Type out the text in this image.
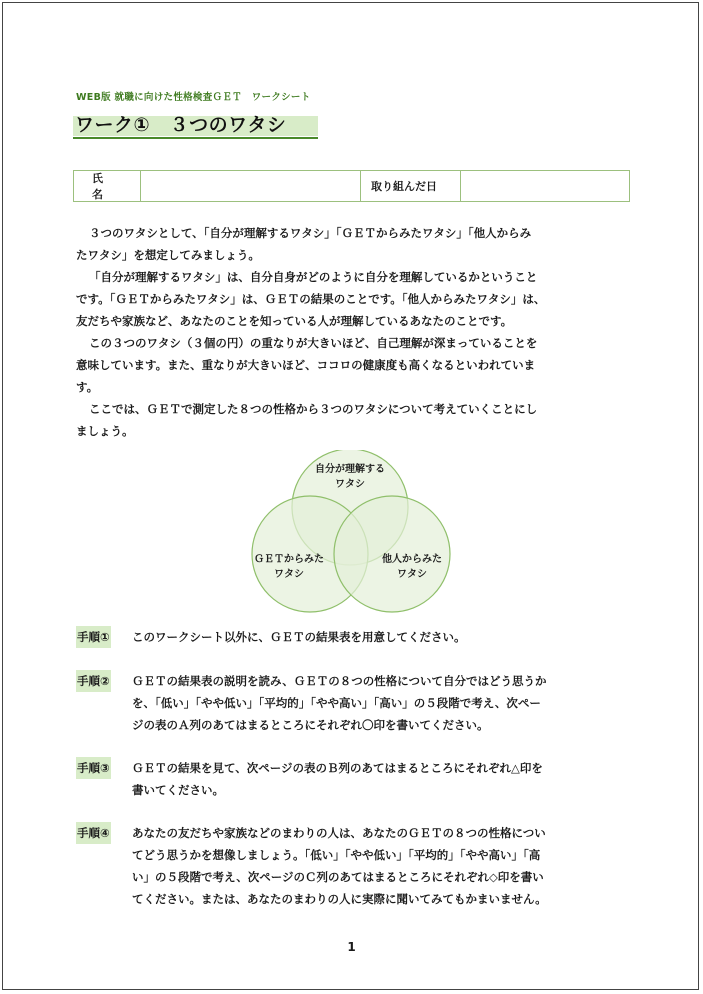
WEB版 就職に向けた性格検査ＧＥＴ　ワークシート
ワーク①　３つのワタシ
氏名
取り組んだ日

３つのワタシとして、「自分が理解するワタシ」「ＧＥＴからみたワタシ」「他人からみ
たワタシ」を想定してみましょう。

「自分が理解するワタシ」は、自分自身がどのように自分を理解しているかということ
です。「ＧＥＴからみたワタシ」は、ＧＥＴの結果のことです。「他人からみたワタシ」は、
友だちや家族など、あなたのことを知っている人が理解しているあなたのことです。

この３つのワタシ（３個の円）の重なりが大きいほど、自己理解が深まっていることを
意味しています。また、重なりが大きいほど、ココロの健康度も高くなるといわれていま
す。

ここでは、ＧＥＴで測定した８つの性格から３つのワタシについて考えていくことにし
ましょう。

自分が理解する
ワタシ
ＧＥＴからみた
ワタシ
他人からみた
ワタシ
手順① このワークシート以外に、ＧＥＴの結果表を用意してください。
手順② ＧＥＴの結果表の説明を読み、ＧＥＴの８つの性格について自分ではどう思うか
を、「低い」「やや低い」「平均的」「やや高い」「高い」の５段階で考え、次ペー
ジの表のＡ列のあてはまるところにそれぞれ〇印を書いてください。
手順③ ＧＥＴの結果を見て、次ページの表のＢ列のあてはまるところにそれぞれ△印を
書いてください。
手順④ あなたの友だちや家族などのまわりの人は、あなたのＧＥＴの８つの性格につい
てどう思うかを想像しましょう。「低い」「やや低い」「平均的」「やや高い」「高
い」の５段階で考え、次ページのＣ列のあてはまるところにそれぞれ◇印を書い
てください。または、あなたのまわりの人に実際に聞いてみてもかまいません。
1
